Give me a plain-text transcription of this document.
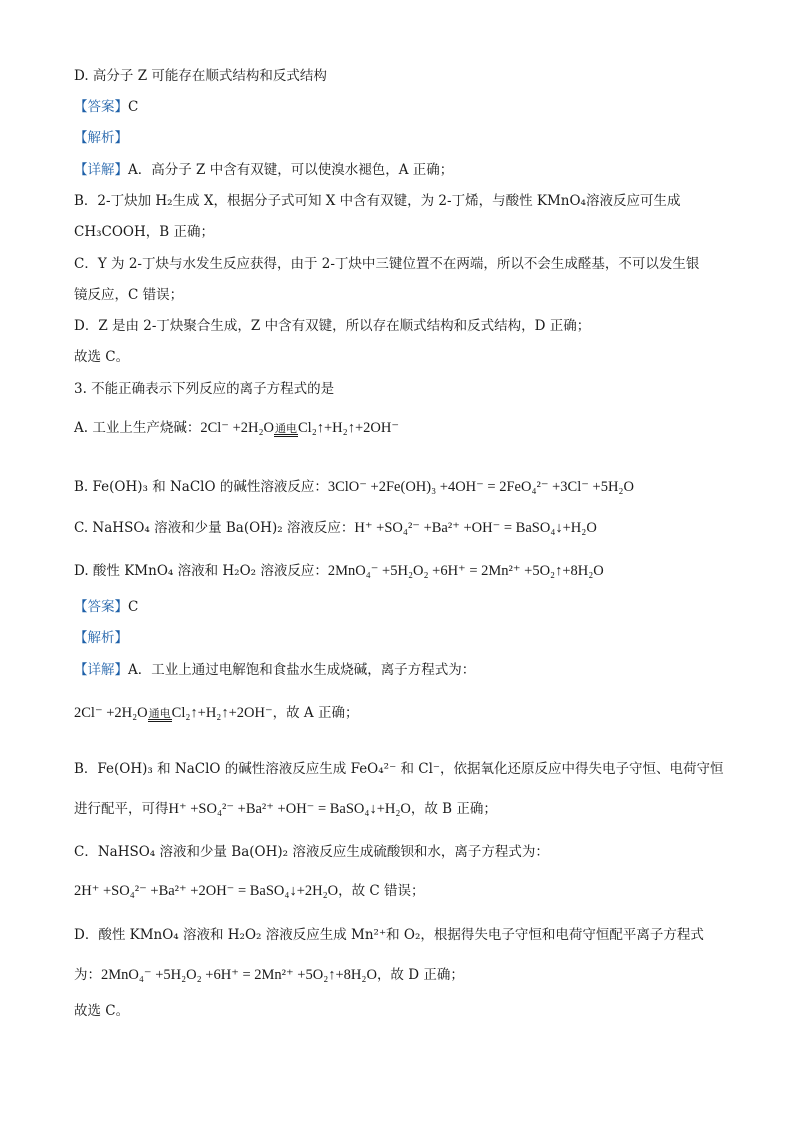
D. 高分子 Z 可能存在顺式结构和反式结构
【答案】C
【解析】
【详解】A．高分子 Z 中含有双键，可以使溴水褪色，A 正确；
B．2-丁炔加 H₂生成 X，根据分子式可知 X 中含有双键，为 2-丁烯，与酸性 KMnO₄溶液反应可生成
CH₃COOH，B 正确；
C．Y 为 2-丁炔与水发生反应获得，由于 2-丁炔中三键位置不在两端，所以不会生成醛基，不可以发生银
镜反应，C 错误；
D．Z 是由 2-丁炔聚合生成，Z 中含有双键，所以存在顺式结构和反式结构，D 正确；
故选 C。
3. 不能正确表示下列反应的离子方程式的是
A. 工业上生产烧碱：2Cl⁻ +2H₂O 通电 Cl₂↑+H₂↑+2OH⁻
B. Fe(OH)₃ 和 NaClO 的碱性溶液反应：3ClO⁻ +2Fe(OH)₃ +4OH⁻ = 2FeO₄²⁻ +3Cl⁻ +5H₂O
C. NaHSO₄ 溶液和少量 Ba(OH)₂ 溶液反应：H⁺ +SO₄²⁻ +Ba²⁺ +OH⁻ = BaSO₄↓+H₂O
D. 酸性 KMnO₄ 溶液和 H₂O₂ 溶液反应：2MnO₄⁻ +5H₂O₂ +6H⁺ = 2Mn²⁺ +5O₂↑+8H₂O
【答案】C
【解析】
【详解】A．工业上通过电解饱和食盐水生成烧碱，离子方程式为：
2Cl⁻ +2H₂O 通电 Cl₂↑+H₂↑+2OH⁻，故 A 正确；
B．Fe(OH)₃ 和 NaClO 的碱性溶液反应生成 FeO₄²⁻ 和 Cl⁻，依据氧化还原反应中得失电子守恒、电荷守恒
进行配平，可得H⁺ +SO₄²⁻ +Ba²⁺ +OH⁻ = BaSO₄↓+H₂O，故 B 正确；
C．NaHSO₄ 溶液和少量 Ba(OH)₂ 溶液反应生成硫酸钡和水，离子方程式为：
2H⁺ +SO₄²⁻ +Ba²⁺ +2OH⁻ = BaSO₄↓+2H₂O，故 C 错误；
D．酸性 KMnO₄ 溶液和 H₂O₂ 溶液反应生成 Mn²⁺和 O₂，根据得失电子守恒和电荷守恒配平离子方程式
为：2MnO₄⁻ +5H₂O₂ +6H⁺ = 2Mn²⁺ +5O₂↑+8H₂O，故 D 正确；
故选 C。
